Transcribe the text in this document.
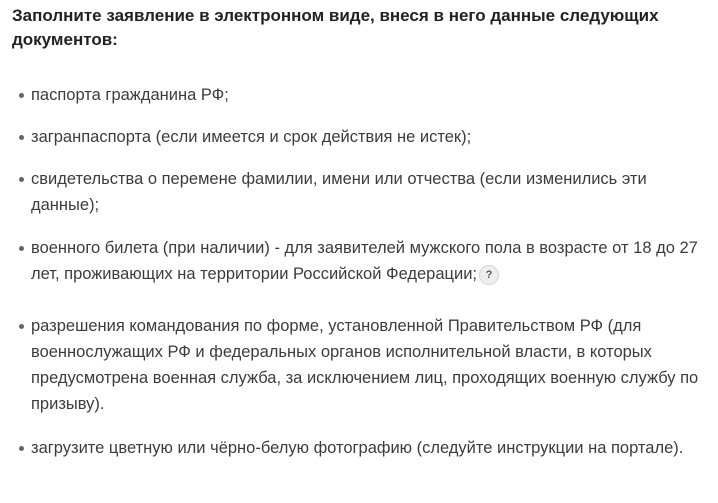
Заполните заявление в электронном виде, внеся в него данные следующих документов:

паспорта гражданина РФ;
загранпаспорта (если имеется и срок действия не истек);
свидетельства о перемене фамилии, имени или отчества (если изменились эти данные);
военного билета (при наличии) - для заявителей мужского пола в возрасте от 18 до 27 лет, проживающих на территории Российской Федерации; ?
разрешения командования по форме, установленной Правительством РФ (для военнослужащих РФ и федеральных органов исполнительной власти, в которых предусмотрена военная служба, за исключением лиц, проходящих военную службу по призыву).
загрузите цветную или чёрно-белую фотографию (следуйте инструкции на портале).
